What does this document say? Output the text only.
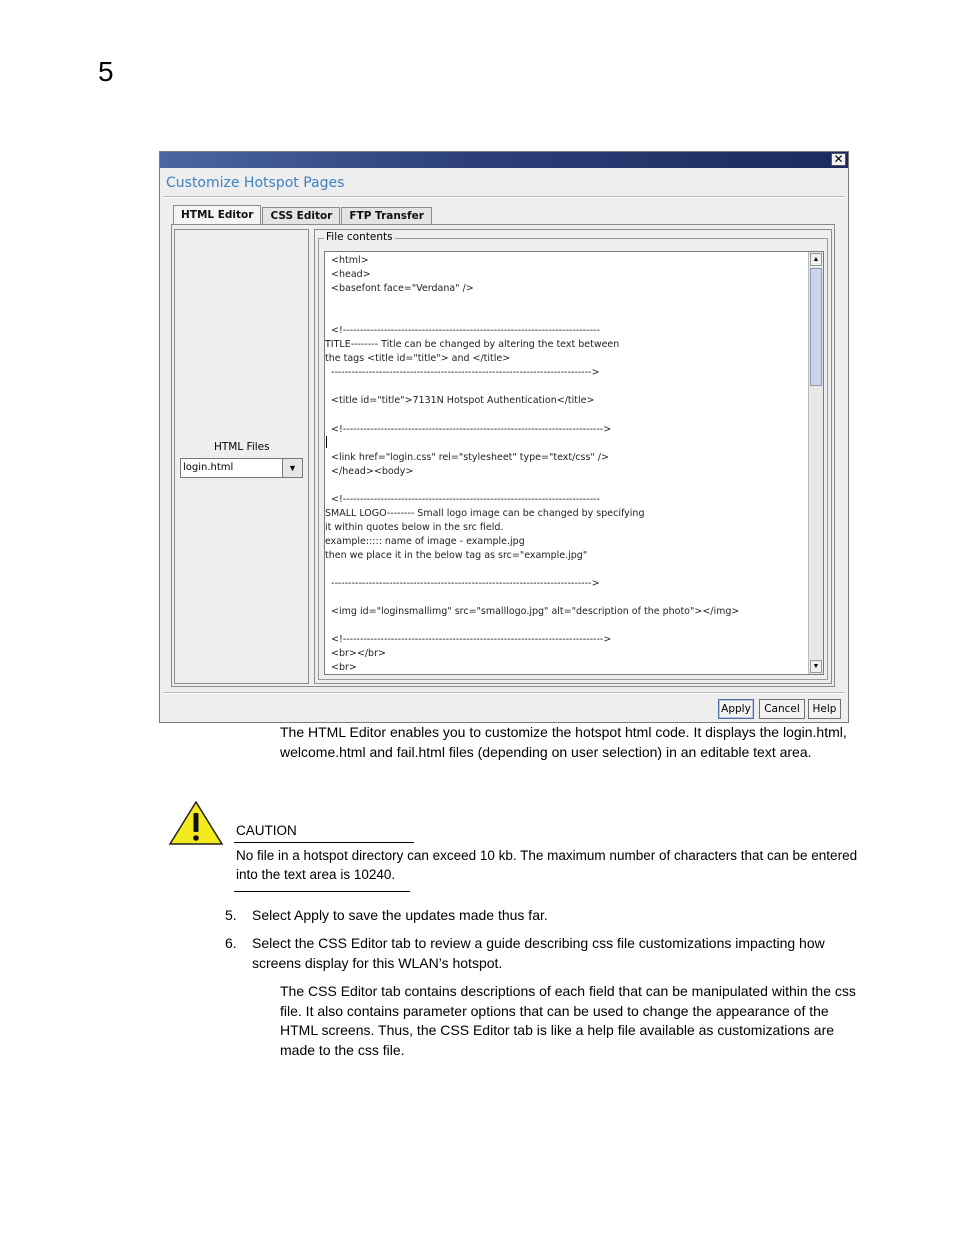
5
✕
Customize Hotspot Pages
HTML Editor	CSS Editor	FTP Transfer
HTML Files
login.html	▼
File contents
<html>
<head>
<basefont face="Verdana" />
<!---------------------------------------------------------------------------
TITLE-------- Title can be changed by altering the text between
the tags <title id="title"> and </title>
---------------------------------------------------------------------------->
<title id="title">7131N Hotspot Authentication</title>
<!---------------------------------------------------------------------------->
<link href="login.css" rel="stylesheet" type="text/css" />
</head><body>
<!---------------------------------------------------------------------------
SMALL LOGO-------- Small logo image can be changed by specifying
it within quotes below in the src field.
example::::: name of image - example.jpg
then we place it in the below tag as src="example.jpg"
---------------------------------------------------------------------------->
<img id="loginsmallimg" src="smalllogo.jpg" alt="description of the photo"></img>
<!---------------------------------------------------------------------------->
<br></br>
<br>
▲
▼
Apply	Cancel	Help
The HTML Editor enables you to customize the hotspot html code. It displays the login.html, welcome.html and fail.html files (depending on user selection) in an editable text area.
CAUTION
No file in a hotspot directory can exceed 10 kb. The maximum number of characters that can be entered into the text area is 10240.
5. Select Apply to save the updates made thus far.
6. Select the CSS Editor tab to review a guide describing css file customizations impacting how screens display for this WLAN’s hotspot.
The CSS Editor tab contains descriptions of each field that can be manipulated within the css file. It also contains parameter options that can be used to change the appearance of the HTML screens. Thus, the CSS Editor tab is like a help file available as customizations are made to the css file.
